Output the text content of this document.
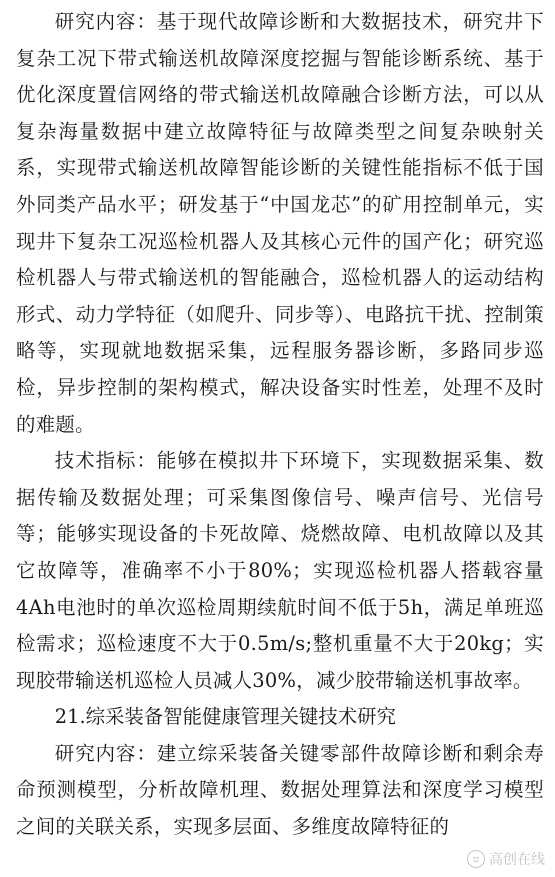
研究内容：基于现代故障诊断和大数据技术，研究井下复杂工况下带式输送机故障深度挖掘与智能诊断系统、基于优化深度置信网络的带式输送机故障融合诊断方法，可以从复杂海量数据中建立故障特征与故障类型之间复杂映射关系，实现带式输送机故障智能诊断的关键性能指标不低于国外同类产品水平；研发基于“中国龙芯”的矿用控制单元，实现井下复杂工况巡检机器人及其核心元件的国产化；研究巡检机器人与带式输送机的智能融合，巡检机器人的运动结构形式、动力学特征（如爬升、同步等）、电路抗干扰、控制策略等，实现就地数据采集，远程服务器诊断，多路同步巡检，异步控制的架构模式，解决设备实时性差，处理不及时的难题。

技术指标：能够在模拟井下环境下，实现数据采集、数据传输及数据处理；可采集图像信号、噪声信号、光信号等；能够实现设备的卡死故障、烧燃故障、电机故障以及其它故障等，准确率不小于80%；实现巡检机器人搭载容量4Ah电池时的单次巡检周期续航时间不低于5h，满足单班巡检需求；巡检速度不大于0.5m/s;整机重量不大于20kg；实现胶带输送机巡检人员减人30%，减少胶带输送机事故率。

21.综采装备智能健康管理关键技术研究

研究内容：建立综采装备关键零部件故障诊断和剩余寿命预测模型，分析故障机理、数据处理算法和深度学习模型之间的关联关系，实现多层面、多维度故障特征的

高创在线
